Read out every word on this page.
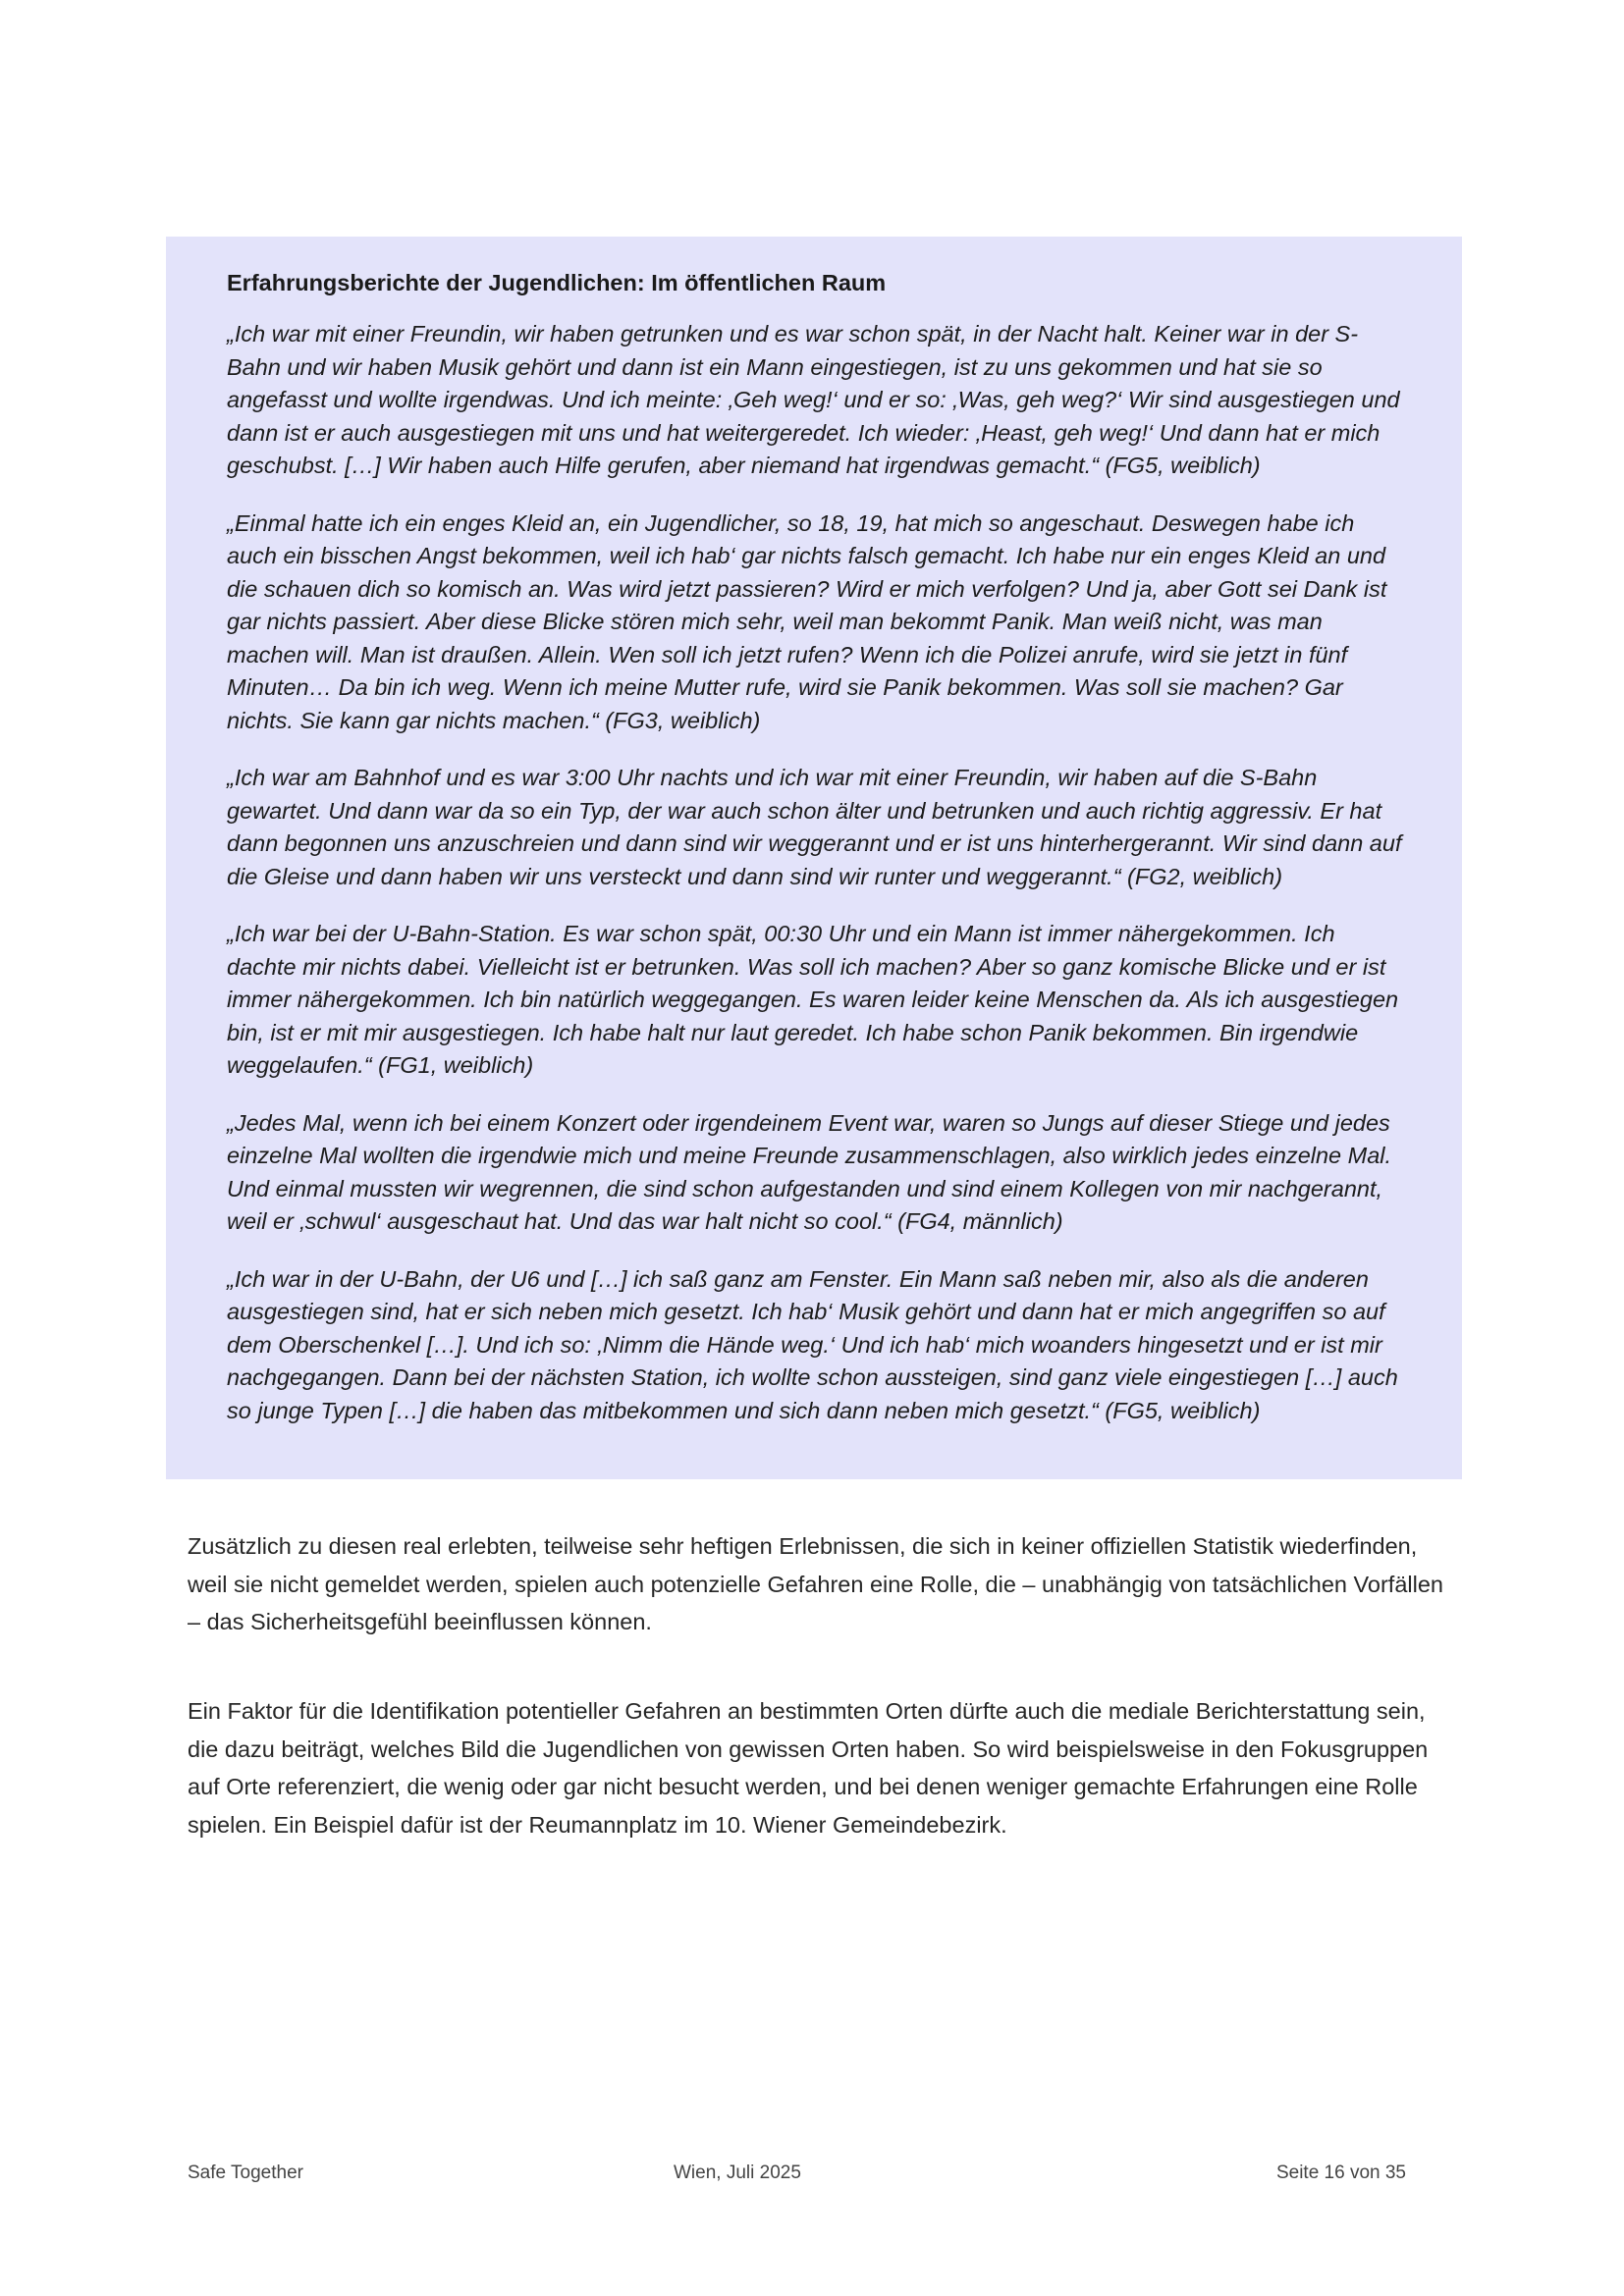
Erfahrungsberichte der Jugendlichen: Im öffentlichen Raum

„Ich war mit einer Freundin, wir haben getrunken und es war schon spät, in der Nacht halt. Keiner war in der S-Bahn und wir haben Musik gehört und dann ist ein Mann eingestiegen, ist zu uns gekommen und hat sie so angefasst und wollte irgendwas. Und ich meinte: ‚Geh weg!‘ und er so: ‚Was, geh weg?‘ Wir sind ausgestiegen und dann ist er auch ausgestiegen mit uns und hat weitergeredet. Ich wieder: ‚Heast, geh weg!‘ Und dann hat er mich geschubst. […] Wir haben auch Hilfe gerufen, aber niemand hat irgendwas gemacht.“ (FG5, weiblich)

„Einmal hatte ich ein enges Kleid an, ein Jugendlicher, so 18, 19, hat mich so angeschaut. Deswegen habe ich auch ein bisschen Angst bekommen, weil ich hab‘ gar nichts falsch gemacht. Ich habe nur ein enges Kleid an und die schauen dich so komisch an. Was wird jetzt passieren? Wird er mich verfolgen? Und ja, aber Gott sei Dank ist gar nichts passiert. Aber diese Blicke stören mich sehr, weil man bekommt Panik. Man weiß nicht, was man machen will. Man ist draußen. Allein. Wen soll ich jetzt rufen? Wenn ich die Polizei anrufe, wird sie jetzt in fünf Minuten… Da bin ich weg. Wenn ich meine Mutter rufe, wird sie Panik bekommen. Was soll sie machen? Gar nichts. Sie kann gar nichts machen.“ (FG3, weiblich)

„Ich war am Bahnhof und es war 3:00 Uhr nachts und ich war mit einer Freundin, wir haben auf die S-Bahn gewartet. Und dann war da so ein Typ, der war auch schon älter und betrunken und auch richtig aggressiv. Er hat dann begonnen uns anzuschreien und dann sind wir weggerannt und er ist uns hinterhergerannt. Wir sind dann auf die Gleise und dann haben wir uns versteckt und dann sind wir runter und weggerannt.“ (FG2, weiblich)

„Ich war bei der U-Bahn-Station. Es war schon spät, 00:30 Uhr und ein Mann ist immer nähergekommen. Ich dachte mir nichts dabei. Vielleicht ist er betrunken. Was soll ich machen? Aber so ganz komische Blicke und er ist immer nähergekommen. Ich bin natürlich weggegangen. Es waren leider keine Menschen da. Als ich ausgestiegen bin, ist er mit mir ausgestiegen. Ich habe halt nur laut geredet. Ich habe schon Panik bekommen. Bin irgendwie weggelaufen.“ (FG1, weiblich)

„Jedes Mal, wenn ich bei einem Konzert oder irgendeinem Event war, waren so Jungs auf dieser Stiege und jedes einzelne Mal wollten die irgendwie mich und meine Freunde zusammenschlagen, also wirklich jedes einzelne Mal. Und einmal mussten wir wegrennen, die sind schon aufgestanden und sind einem Kollegen von mir nachgerannt, weil er ‚schwul‘ ausgeschaut hat. Und das war halt nicht so cool.“ (FG4, männlich)

„Ich war in der U-Bahn, der U6 und […] ich saß ganz am Fenster. Ein Mann saß neben mir, also als die anderen ausgestiegen sind, hat er sich neben mich gesetzt. Ich hab‘ Musik gehört und dann hat er mich angegriffen so auf dem Oberschenkel […]. Und ich so: ‚Nimm die Hände weg.‘ Und ich hab‘ mich woanders hingesetzt und er ist mir nachgegangen. Dann bei der nächsten Station, ich wollte schon aussteigen, sind ganz viele eingestiegen […] auch so junge Typen […] die haben das mitbekommen und sich dann neben mich gesetzt.“ (FG5, weiblich)

Zusätzlich zu diesen real erlebten, teilweise sehr heftigen Erlebnissen, die sich in keiner offiziellen Statistik wiederfinden, weil sie nicht gemeldet werden, spielen auch potenzielle Gefahren eine Rolle, die – unabhängig von tatsächlichen Vorfällen – das Sicherheitsgefühl beeinflussen können.

Ein Faktor für die Identifikation potentieller Gefahren an bestimmten Orten dürfte auch die mediale Berichterstattung sein, die dazu beiträgt, welches Bild die Jugendlichen von gewissen Orten haben. So wird beispielsweise in den Fokusgruppen auf Orte referenziert, die wenig oder gar nicht besucht werden, und bei denen weniger gemachte Erfahrungen eine Rolle spielen. Ein Beispiel dafür ist der Reumannplatz im 10. Wiener Gemeindebezirk.

Safe Together	Wien, Juli 2025	Seite 16 von 35
